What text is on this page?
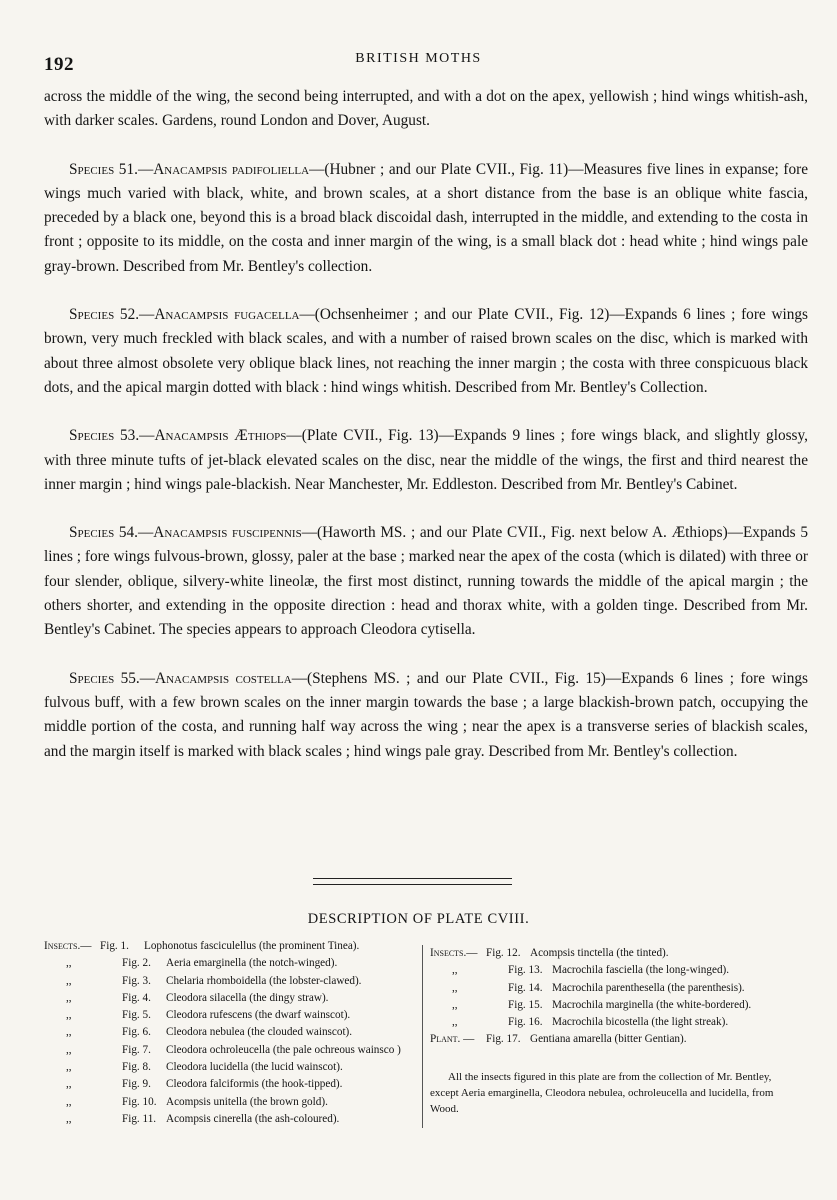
192	BRITISH MOTHS

across the middle of the wing, the second being interrupted, and with a dot on the apex, yellowish ; hind wings whitish-ash, with darker scales. Gardens, round London and Dover, August.

Species 51.—Anacampsis padifoliella—(Hubner ; and our Plate CVII., Fig. 11)—Measures five lines in expanse; fore wings much varied with black, white, and brown scales, at a short distance from the base is an oblique white fascia, preceded by a black one, beyond this is a broad black discoidal dash, interrupted in the middle, and extending to the costa in front ; opposite to its middle, on the costa and inner margin of the wing, is a small black dot : head white ; hind wings pale gray-brown. Described from Mr. Bentley's collection.

Species 52.—Anacampsis fugacella—(Ochsenheimer ; and our Plate CVII., Fig. 12)—Expands 6 lines ; fore wings brown, very much freckled with black scales, and with a number of raised brown scales on the disc, which is marked with about three almost obsolete very oblique black lines, not reaching the inner margin ; the costa with three conspicuous black dots, and the apical margin dotted with black : hind wings whitish. Described from Mr. Bentley's Collection.

Species 53.—Anacampsis Æthiops—(Plate CVII., Fig. 13)—Expands 9 lines ; fore wings black, and slightly glossy, with three minute tufts of jet-black elevated scales on the disc, near the middle of the wings, the first and third nearest the inner margin ; hind wings pale-blackish. Near Manchester, Mr. Eddleston. Described from Mr. Bentley's Cabinet.

Species 54.—Anacampsis fuscipennis—(Haworth MS. ; and our Plate CVII., Fig. next below A. Æthiops)—Expands 5 lines ; fore wings fulvous-brown, glossy, paler at the base ; marked near the apex of the costa (which is dilated) with three or four slender, oblique, silvery-white lineolæ, the first most distinct, running towards the middle of the apical margin ; the others shorter, and extending in the opposite direction : head and thorax white, with a golden tinge. Described from Mr. Bentley's Cabinet. The species appears to approach Cleodora cytisella.

Species 55.—Anacampsis costella—(Stephens MS. ; and our Plate CVII., Fig. 15)—Expands 6 lines ; fore wings fulvous buff, with a few brown scales on the inner margin towards the base ; a large blackish-brown patch, occupying the middle portion of the costa, and running half way across the wing ; near the apex is a transverse series of blackish scales, and the margin itself is marked with black scales ; hind wings pale gray. Described from Mr. Bentley's collection.

DESCRIPTION OF PLATE CVIII.
Insects.— Fig. 1.	Lophonotus fasciculellus (the prominent Tinea).
,,	Fig. 2.	Aeria emarginella (the notch-winged).
,,	Fig. 3.	Chelaria rhomboidella (the lobster-clawed).
,,	Fig. 4.	Cleodora silacella (the dingy straw).
,,	Fig. 5.	Cleodora rufescens (the dwarf wainscot).
,,	Fig. 6.	Cleodora nebulea (the clouded wainscot).
,,	Fig. 7.	Cleodora ochroleucella (the pale ochreous wainsco )
,,	Fig. 8.	Cleodora lucidella (the lucid wainscot).
,,	Fig. 9.	Cleodora falciformis (the hook-tipped).
,,	Fig. 10. Acompsis unitella (the brown gold).
,,	Fig. 11. Acompsis cinerella (the ash-coloured).
Insects.— Fig. 12. Acompsis tinctella (the tinted).
,,	Fig. 13. Macrochila fasciella (the long-winged).
,,	Fig. 14. Macrochila parenthesella (the parenthesis).
,,	Fig. 15. Macrochila marginella (the white-bordered).
,,	Fig. 16. Macrochila bicostella (the light streak).
Plant. —	Fig. 17. Gentiana amarella (bitter Gentian).

All the insects figured in this plate are from the collection of Mr. Bentley, except Aeria emarginella, Cleodora nebulea, ochroleucella and lucidella, from Wood.
